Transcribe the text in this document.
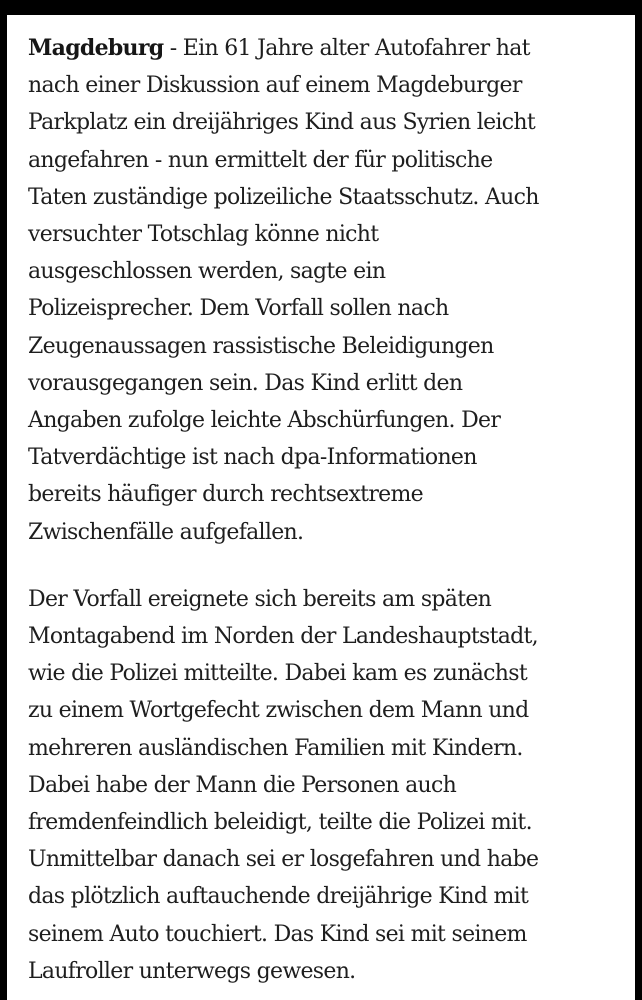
Magdeburg - Ein 61 Jahre alter Autofahrer hat
nach einer Diskussion auf einem Magdeburger
Parkplatz ein dreijähriges Kind aus Syrien leicht
angefahren - nun ermittelt der für politische
Taten zuständige polizeiliche Staatsschutz. Auch
versuchter Totschlag könne nicht
ausgeschlossen werden, sagte ein
Polizeisprecher. Dem Vorfall sollen nach
Zeugenaussagen rassistische Beleidigungen
vorausgegangen sein. Das Kind erlitt den
Angaben zufolge leichte Abschürfungen. Der
Tatverdächtige ist nach dpa-Informationen
bereits häufiger durch rechtsextreme
Zwischenfälle aufgefallen.

Der Vorfall ereignete sich bereits am späten
Montagabend im Norden der Landeshauptstadt,
wie die Polizei mitteilte. Dabei kam es zunächst
zu einem Wortgefecht zwischen dem Mann und
mehreren ausländischen Familien mit Kindern.
Dabei habe der Mann die Personen auch
fremdenfeindlich beleidigt, teilte die Polizei mit.
Unmittelbar danach sei er losgefahren und habe
das plötzlich auftauchende dreijährige Kind mit
seinem Auto touchiert. Das Kind sei mit seinem
Laufroller unterwegs gewesen.
